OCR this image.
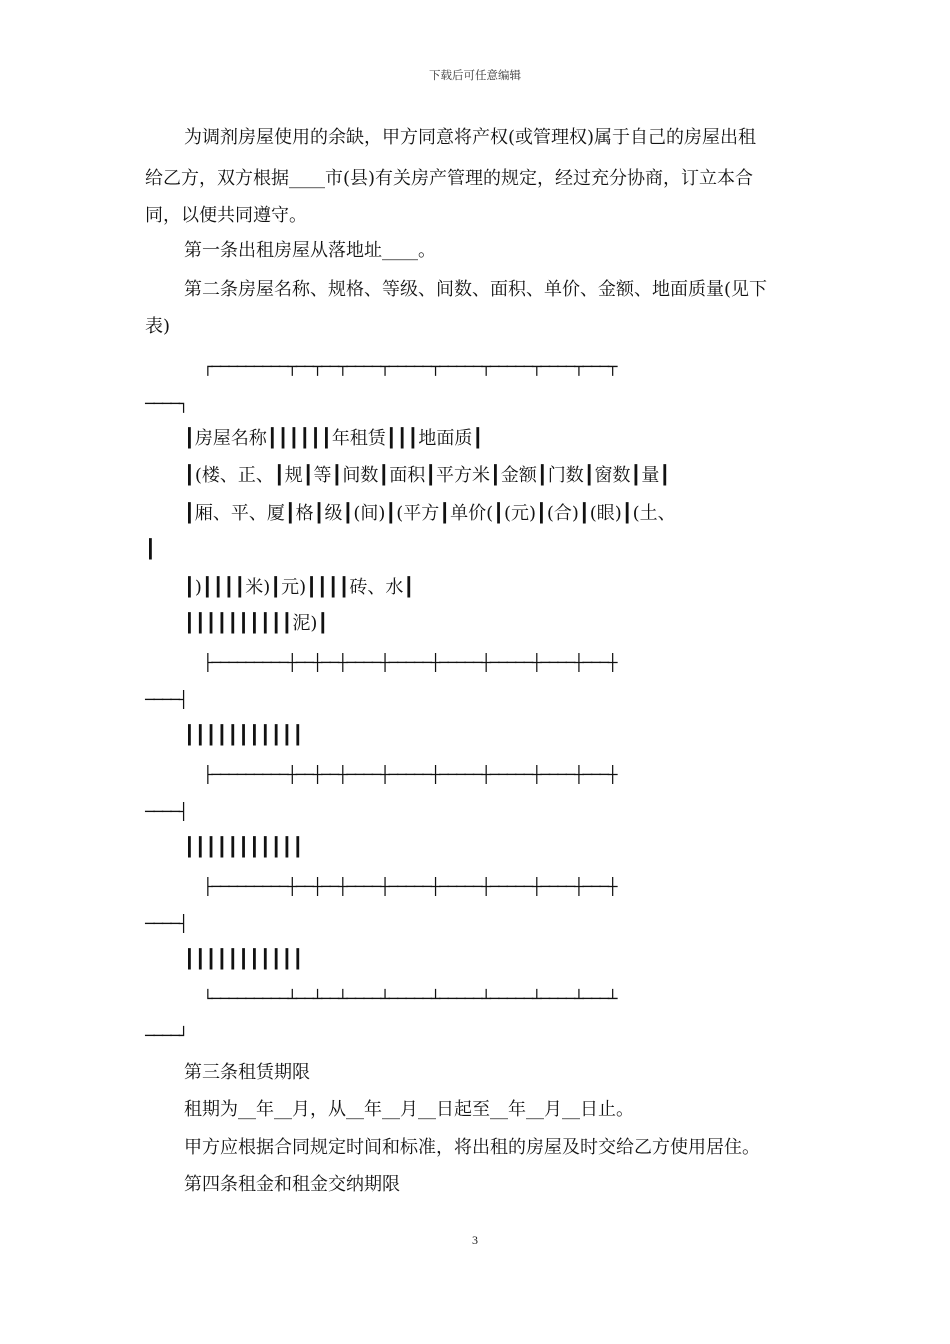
下载后可任意编辑
为调剂房屋使用的余缺，甲方同意将产权(或管理权)属于自己的房屋出租
给乙方，双方根据____市(县)有关房产管理的规定，经过充分协商，订立本合
同，以便共同遵守。
第一条出租房屋从落地址____。
第二条房屋名称、规格、等级、间数、面积、单价、金额、地面质量(见下
表)
┌─────────┬──┬──┬────┬─────┬─────┬─────┬────┬───┬
────┐
┃房屋名称┃┃┃┃┃┃年租赁┃┃┃地面质┃
┃(楼、正、┃规┃等┃间数┃面积┃平方米┃金额┃门数┃窗数┃量┃
┃厢、平、厦┃格┃级┃(间)┃(平方┃单价(┃(元)┃(合)┃(眼)┃(土、
┃
┃)┃┃┃┃米)┃元)┃┃┃┃砖、水┃
┃┃┃┃┃┃┃┃┃┃泥)┃
├─────────┼──┼──┼────┼─────┼─────┼─────┼────┼───┼
────┤
┃┃┃┃┃┃┃┃┃┃┃
├─────────┼──┼──┼────┼─────┼─────┼─────┼────┼───┼
────┤
┃┃┃┃┃┃┃┃┃┃┃
├─────────┼──┼──┼────┼─────┼─────┼─────┼────┼───┼
────┤
┃┃┃┃┃┃┃┃┃┃┃
└─────────┴──┴──┴────┴─────┴─────┴─────┴────┴───┴
────┘
第三条租赁期限
租期为__年__月，从__年__月__日起至__年__月__日止。
甲方应根据合同规定时间和标准，将出租的房屋及时交给乙方使用居住。
第四条租金和租金交纳期限
3
